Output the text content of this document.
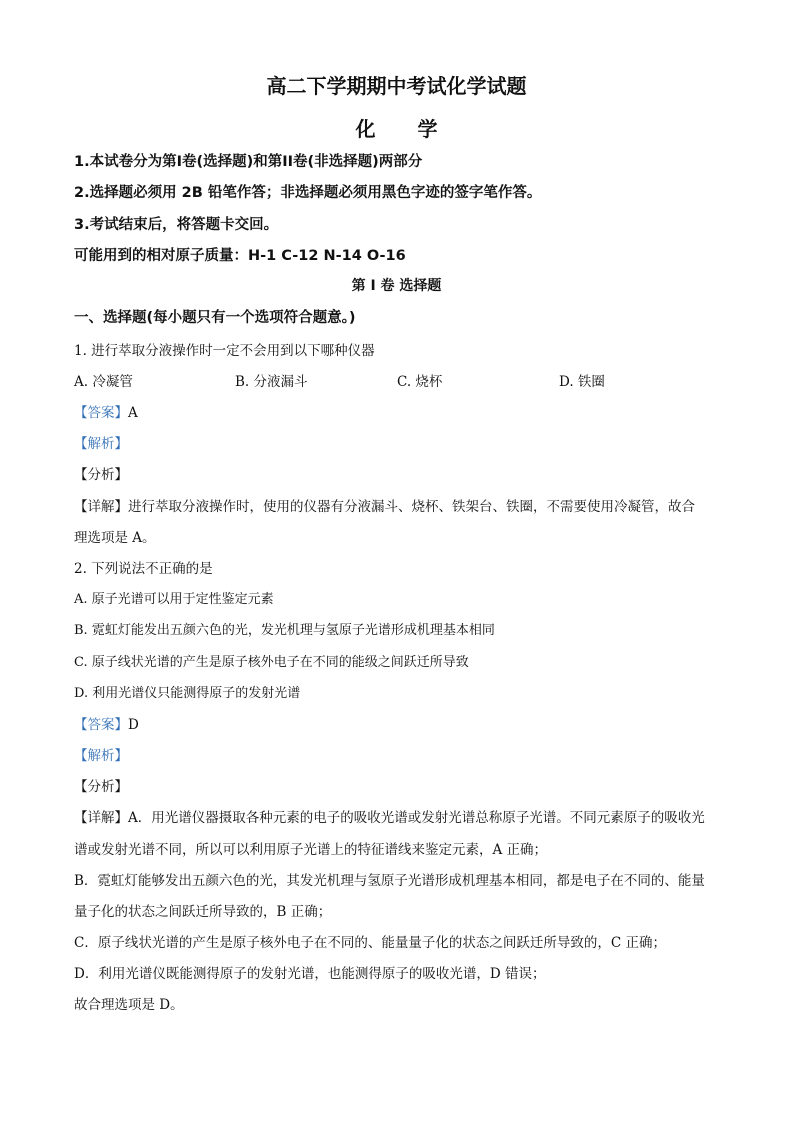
高二下学期期中考试化学试题
化 学
1.本试卷分为第I卷(选择题)和第II卷(非选择题)两部分
2.选择题必须用 2B 铅笔作答；非选择题必须用黑色字迹的签字笔作答。
3.考试结束后，将答题卡交回。
可能用到的相对原子质量：H-1 C-12 N-14 O-16
第 I 卷 选择题
一、选择题(每小题只有一个选项符合题意。)
1. 进行萃取分液操作时一定不会用到以下哪种仪器
A. 冷凝管	B. 分液漏斗	C. 烧杯	D. 铁圈
【答案】A
【解析】
【分析】
【详解】进行萃取分液操作时，使用的仪器有分液漏斗、烧杯、铁架台、铁圈，不需要使用冷凝管，故合
理选项是 A。
2. 下列说法不正确的是
A. 原子光谱可以用于定性鉴定元素
B. 霓虹灯能发出五颜六色的光，发光机理与氢原子光谱形成机理基本相同
C. 原子线状光谱的产生是原子核外电子在不同的能级之间跃迁所导致
D. 利用光谱仪只能测得原子的发射光谱
【答案】D
【解析】
【分析】
【详解】A．用光谱仪器摄取各种元素的电子的吸收光谱或发射光谱总称原子光谱。不同元素原子的吸收光
谱或发射光谱不同，所以可以利用原子光谱上的特征谱线来鉴定元素，A 正确；
B．霓虹灯能够发出五颜六色的光，其发光机理与氢原子光谱形成机理基本相同，都是电子在不同的、能量
量子化的状态之间跃迁所导致的，B 正确；
C．原子线状光谱的产生是原子核外电子在不同的、能量量子化的状态之间跃迁所导致的，C 正确；
D．利用光谱仪既能测得原子的发射光谱，也能测得原子的吸收光谱，D 错误；
故合理选项是 D。
